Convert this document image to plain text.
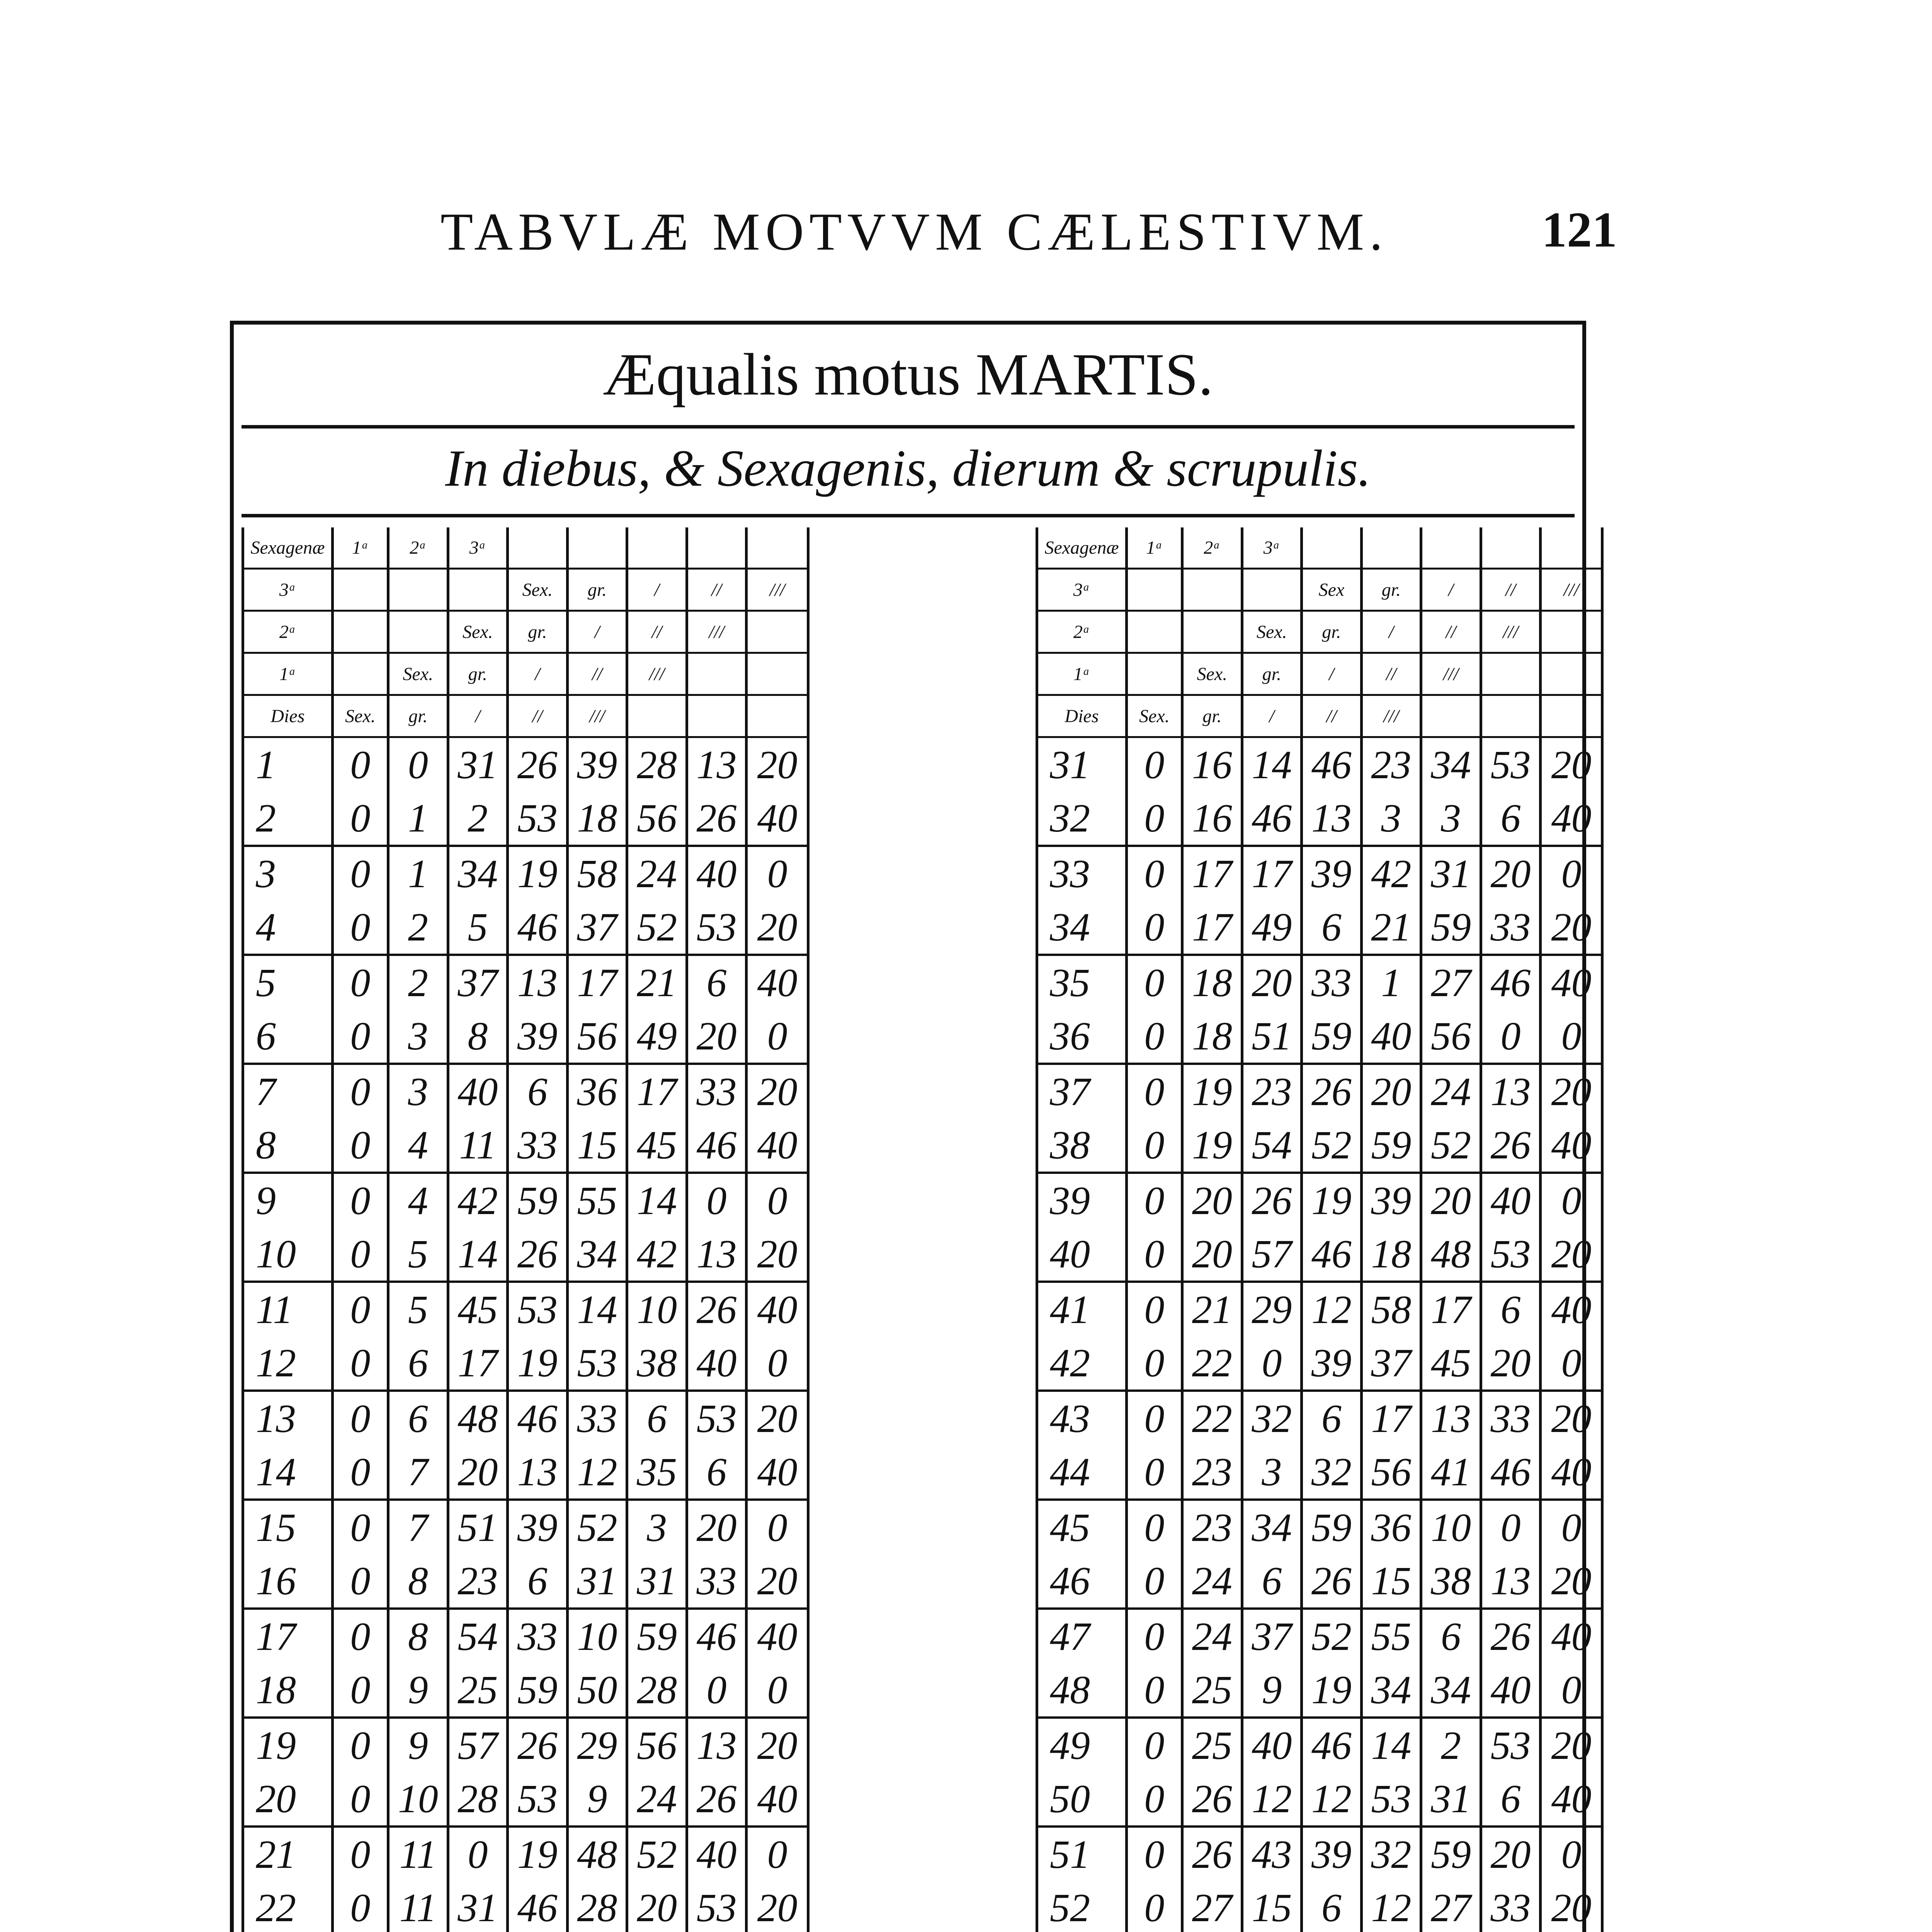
TABVLÆ MOTVVM CÆLESTIVM.	121
Æqualis motus MARTIS.
In diebus, & Sexagenis, dierum & scrupulis.
Sexagenæ	1ᵃ	2ᵃ	3ᵃ					
3ᵃ				Sex.	gr.	/	//	///
2ᵃ			Sex.	gr.	/	//	///	
1ᵃ		Sex.	gr.	/	//	///		
Dies	Sex.	gr.	/	//	///			
1	0	0	31	26	39	28	13	20
2	0	1	2	53	18	56	26	40
3	0	1	34	19	58	24	40	0
4	0	2	5	46	37	52	53	20
5	0	2	37	13	17	21	6	40
6	0	3	8	39	56	49	20	0
7	0	3	40	6	36	17	33	20
8	0	4	11	33	15	45	46	40
9	0	4	42	59	55	14	0	0
10	0	5	14	26	34	42	13	20
11	0	5	45	53	14	10	26	40
12	0	6	17	19	53	38	40	0
13	0	6	48	46	33	6	53	20
14	0	7	20	13	12	35	6	40
15	0	7	51	39	52	3	20	0
16	0	8	23	6	31	31	33	20
17	0	8	54	33	10	59	46	40
18	0	9	25	59	50	28	0	0
19	0	9	57	26	29	56	13	20
20	0	10	28	53	9	24	26	40
21	0	11	0	19	48	52	40	0
22	0	11	31	46	28	20	53	20

Sexagenæ	1ᵃ	2ᵃ	3ᵃ					
3ᵃ				Sex	gr.	/	//	///
2ᵃ			Sex.	gr.	/	//	///	
1ᵃ		Sex.	gr.	/	//	///		
Dies	Sex.	gr.	/	//	///			
31	0	16	14	46	23	34	53	20
32	0	16	46	13	3	3	6	40
33	0	17	17	39	42	31	20	0
34	0	17	49	6	21	59	33	20
35	0	18	20	33	1	27	46	40
36	0	18	51	59	40	56	0	0
37	0	19	23	26	20	24	13	20
38	0	19	54	52	59	52	26	40
39	0	20	26	19	39	20	40	0
40	0	20	57	46	18	48	53	20
41	0	21	29	12	58	17	6	40
42	0	22	0	39	37	45	20	0
43	0	22	32	6	17	13	33	20
44	0	23	3	32	56	41	46	40
45	0	23	34	59	36	10	0	0
46	0	24	6	26	15	38	13	20
47	0	24	37	52	55	6	26	40
48	0	25	9	19	34	34	40	0
49	0	25	40	46	14	2	53	20
50	0	26	12	12	53	31	6	40
51	0	26	43	39	32	59	20	0
52	0	27	15	6	12	27	33	20
